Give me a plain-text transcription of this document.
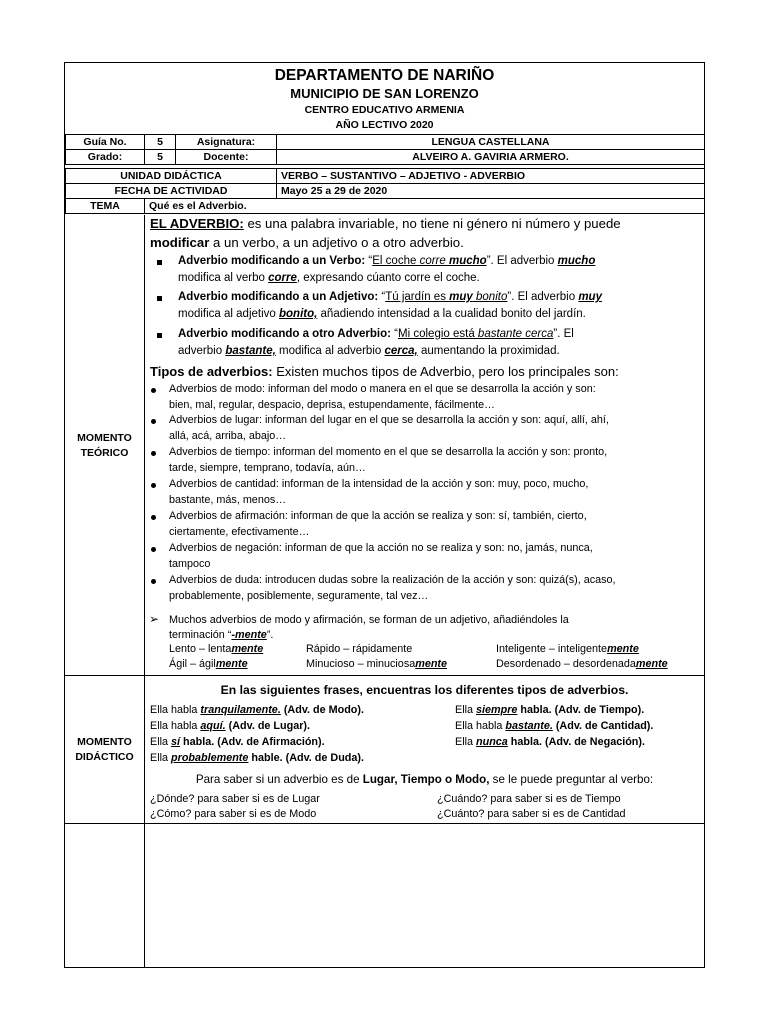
DEPARTAMENTO DE NARIÑO
MUNICIPIO DE SAN LORENZO
CENTRO EDUCATIVO ARMENIA
AÑO LECTIVO 2020
Guía No.	5	Asignatura:	LENGUA CASTELLANA
Grado:	5	Docente:	ALVEIRO A. GAVIRIA ARMERO.
UNIDAD DIDÁCTICA		VERBO – SUSTANTIVO – ADJETIVO - ADVERBIO
FECHA DE ACTIVIDAD		Mayo 25 a 29 de 2020
TEMA	Qué es el Adverbio.	
MOMENTO
TEÓRICO
EL ADVERBIO: es una palabra invariable, no tiene ni género ni número y puede
modificar a un verbo, a un adjetivo o a otro adverbio.
Adverbio modificando a un Verbo: “El coche corre mucho”. El adverbio mucho
modifica al verbo corre, expresando cúanto corre el coche.
Adverbio modificando a un Adjetivo: “Tú jardín es muy bonito”. El adverbio muy
modifica al adjetivo bonito, añadiendo intensidad a la cualidad bonito del jardín.
Adverbio modificando a otro Adverbio: “Mi colegio está bastante cerca”. El
adverbio bastante, modifica al adverbio cerca, aumentando la proximidad.
Tipos de adverbios: Existen muchos tipos de Adverbio, pero los principales son:
Adverbios de modo: informan del modo o manera en el que se desarrolla la acción y son:
bien, mal, regular, despacio, deprisa, estupendamente, fácilmente…
Adverbios de lugar: informan del lugar en el que se desarrolla la acción y son: aquí, allí, ahí,
allá, acá, arriba, abajo…
Adverbios de tiempo: informan del momento en el que se desarrolla la acción y son: pronto,
tarde, siempre, temprano, todavía, aún…
Adverbios de cantidad: informan de la intensidad de la acción y son: muy, poco, mucho,
bastante, más, menos…
Adverbios de afirmación: informan de que la acción se realiza y son: sí, también, cierto,
ciertamente, efectivamente…
Adverbios de negación: informan de que la acción no se realiza y son: no, jamás, nunca,
tampoco
Adverbios de duda: introducen dudas sobre la realización de la acción y son: quizá(s), acaso,
probablemente, posiblemente, seguramente, tal vez…
➢ Muchos adverbios de modo y afirmación, se forman de un adjetivo, añadiéndoles la
terminación “-mente”.
Lento – lentamente	Rápido – rápidamente	Inteligente – inteligentemente
Ágil – ágilmente	Minucioso – minuciosamente	Desordenado – desordenadamente
MOMENTO
DIDÁCTICO
En las siguientes frases, encuentras los diferentes tipos de adverbios.
Ella habla tranquilamente. (Adv. de Modo).
Ella habla aquí. (Adv. de Lugar).
Ella sí habla. (Adv. de Afirmación).
Ella probablemente hable. (Adv. de Duda).
Ella siempre habla. (Adv. de Tiempo).
Ella habla bastante. (Adv. de Cantidad).
Ella nunca habla. (Adv. de Negación).
Para saber si un adverbio es de Lugar, Tiempo o Modo, se le puede preguntar al verbo:
¿Dónde? para saber si es de Lugar	¿Cuándo? para saber si es de Tiempo
¿Cómo? para saber si es de Modo	¿Cuánto? para saber si es de Cantidad
